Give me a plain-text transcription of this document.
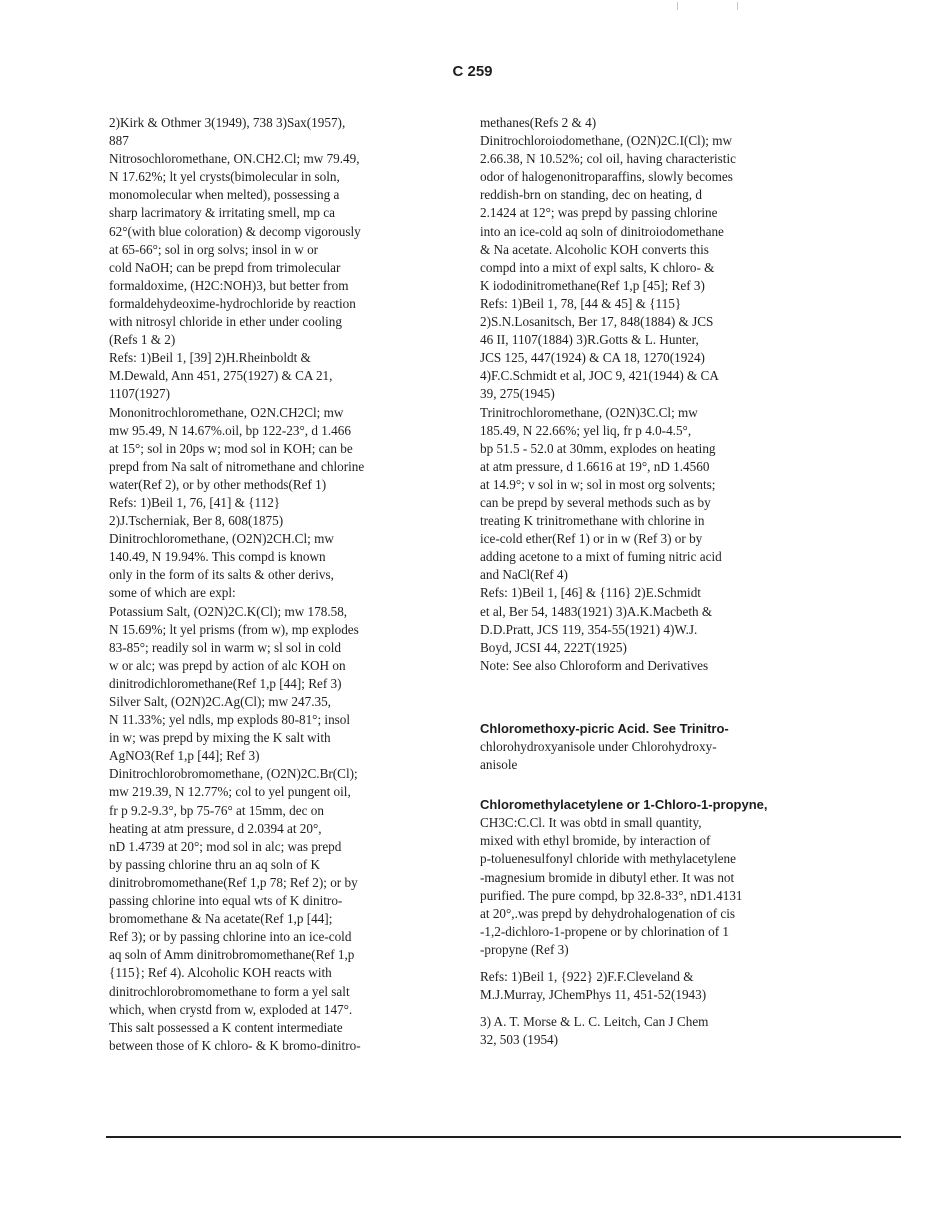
C 259
2)Kirk & Othmer 3(1949), 738 3)Sax(1957),
887
Nitrosochloromethane, ON.CH2.Cl; mw 79.49,
N 17.62%; lt yel crysts(bimolecular in soln,
monomolecular when melted), possessing a
sharp lacrimatory & irritating smell, mp ca
62°(with blue coloration) & decomp vigorously
at 65-66°; sol in org solvs; insol in w or
cold NaOH; can be prepd from trimolecular
formaldoxime, (H2C:NOH)3, but better from
formaldehydeoxime-hydrochloride by reaction
with nitrosyl chloride in ether under cooling
(Refs 1 & 2)
Refs: 1)Beil 1, [39] 2)H.Rheinboldt &
M.Dewald, Ann 451, 275(1927) & CA 21,
1107(1927)
Mononitrochloromethane, O2N.CH2Cl; mw
mw 95.49, N 14.67%.oil, bp 122-23°, d 1.466
at 15°; sol in 20ps w; mod sol in KOH; can be
prepd from Na salt of nitromethane and chlorine
water(Ref 2), or by other methods(Ref 1)
Refs: 1)Beil 1, 76, [41] & {112}
2)J.Tscherniak, Ber 8, 608(1875)
Dinitrochloromethane, (O2N)2CH.Cl; mw
140.49, N 19.94%. This compd is known
only in the form of its salts & other derivs,
some of which are expl:
Potassium Salt, (O2N)2C.K(Cl); mw 178.58,
N 15.69%; lt yel prisms (from w), mp explodes
83-85°; readily sol in warm w; sl sol in cold
w or alc; was prepd by action of alc KOH on
dinitrodichloromethane(Ref 1,p [44]; Ref 3)
Silver Salt, (O2N)2C.Ag(Cl); mw 247.35,
N 11.33%; yel ndls, mp explods 80-81°; insol
in w; was prepd by mixing the K salt with
AgNO3(Ref 1,p [44]; Ref 3)
Dinitrochlorobromomethane, (O2N)2C.Br(Cl);
mw 219.39, N 12.77%; col to yel pungent oil,
fr p 9.2-9.3°, bp 75-76° at 15mm, dec on
heating at atm pressure, d 2.0394 at 20°,
nD 1.4739 at 20°; mod sol in alc; was prepd
by passing chlorine thru an aq soln of K
dinitrobromomethane(Ref 1,p 78; Ref 2); or by
passing chlorine into equal wts of K dinitro-
bromomethane & Na acetate(Ref 1,p [44];
Ref 3); or by passing chlorine into an ice-cold
aq soln of Amm dinitrobromomethane(Ref 1,p
{115}; Ref 4). Alcoholic KOH reacts with
dinitrochlorobromomethane to form a yel salt
which, when crystd from w, exploded at 147°.
This salt possessed a K content intermediate
between those of K chloro- & K bromo-dinitro-
methanes(Refs 2 & 4)
Dinitrochloroiodomethane, (O2N)2C.I(Cl); mw
2.66.38, N 10.52%; col oil, having characteristic
odor of halogenonitroparaffins, slowly becomes
reddish-brn on standing, dec on heating, d
2.1424 at 12°; was prepd by passing chlorine
into an ice-cold aq soln of dinitroiodomethane
& Na acetate. Alcoholic KOH converts this
compd into a mixt of expl salts, K chloro- &
K iododinitromethane(Ref 1,p [45]; Ref 3)
Refs: 1)Beil 1, 78, [44 & 45] & {115}
2)S.N.Losanitsch, Ber 17, 848(1884) & JCS
46 II, 1107(1884) 3)R.Gotts & L. Hunter,
JCS 125, 447(1924) & CA 18, 1270(1924)
4)F.C.Schmidt et al, JOC 9, 421(1944) & CA
39, 275(1945)
Trinitrochloromethane, (O2N)3C.Cl; mw
185.49, N 22.66%; yel liq, fr p 4.0-4.5°,
bp 51.5 - 52.0 at 30mm, explodes on heating
at atm pressure, d 1.6616 at 19°, nD 1.4560
at 14.9°; v sol in w; sol in most org solvents;
can be prepd by several methods such as by
treating K trinitromethane with chlorine in
ice-cold ether(Ref 1) or in w (Ref 3) or by
adding acetone to a mixt of fuming nitric acid
and NaCl(Ref 4)
Refs: 1)Beil 1, [46] & {116} 2)E.Schmidt
et al, Ber 54, 1483(1921) 3)A.K.Macbeth &
D.D.Pratt, JCS 119, 354-55(1921) 4)W.J.
Boyd, JCSI 44, 222T(1925)
Note: See also Chloroform and Derivatives
Chloromethoxy-picric Acid. See Trinitro-
chlorohydroxyanisole under Chlorohydroxy-
anisole
Chloromethylacetylene or 1-Chloro-1-propyne,
CH3C:C.Cl. It was obtd in small quantity,
mixed with ethyl bromide, by interaction of
p-toluenesulfonyl chloride with methylacetylene
-magnesium bromide in dibutyl ether. It was not
purified. The pure compd, bp 32.8-33°, nD1.4131
at 20°,.was prepd by dehydrohalogenation of cis
-1,2-dichloro-1-propene or by chlorination of 1
-propyne (Ref 3)
Refs: 1)Beil 1, {922} 2)F.F.Cleveland &
M.J.Murray, JChemPhys 11, 451-52(1943)
3) A. T. Morse & L. C. Leitch, Can J Chem
32, 503 (1954)
